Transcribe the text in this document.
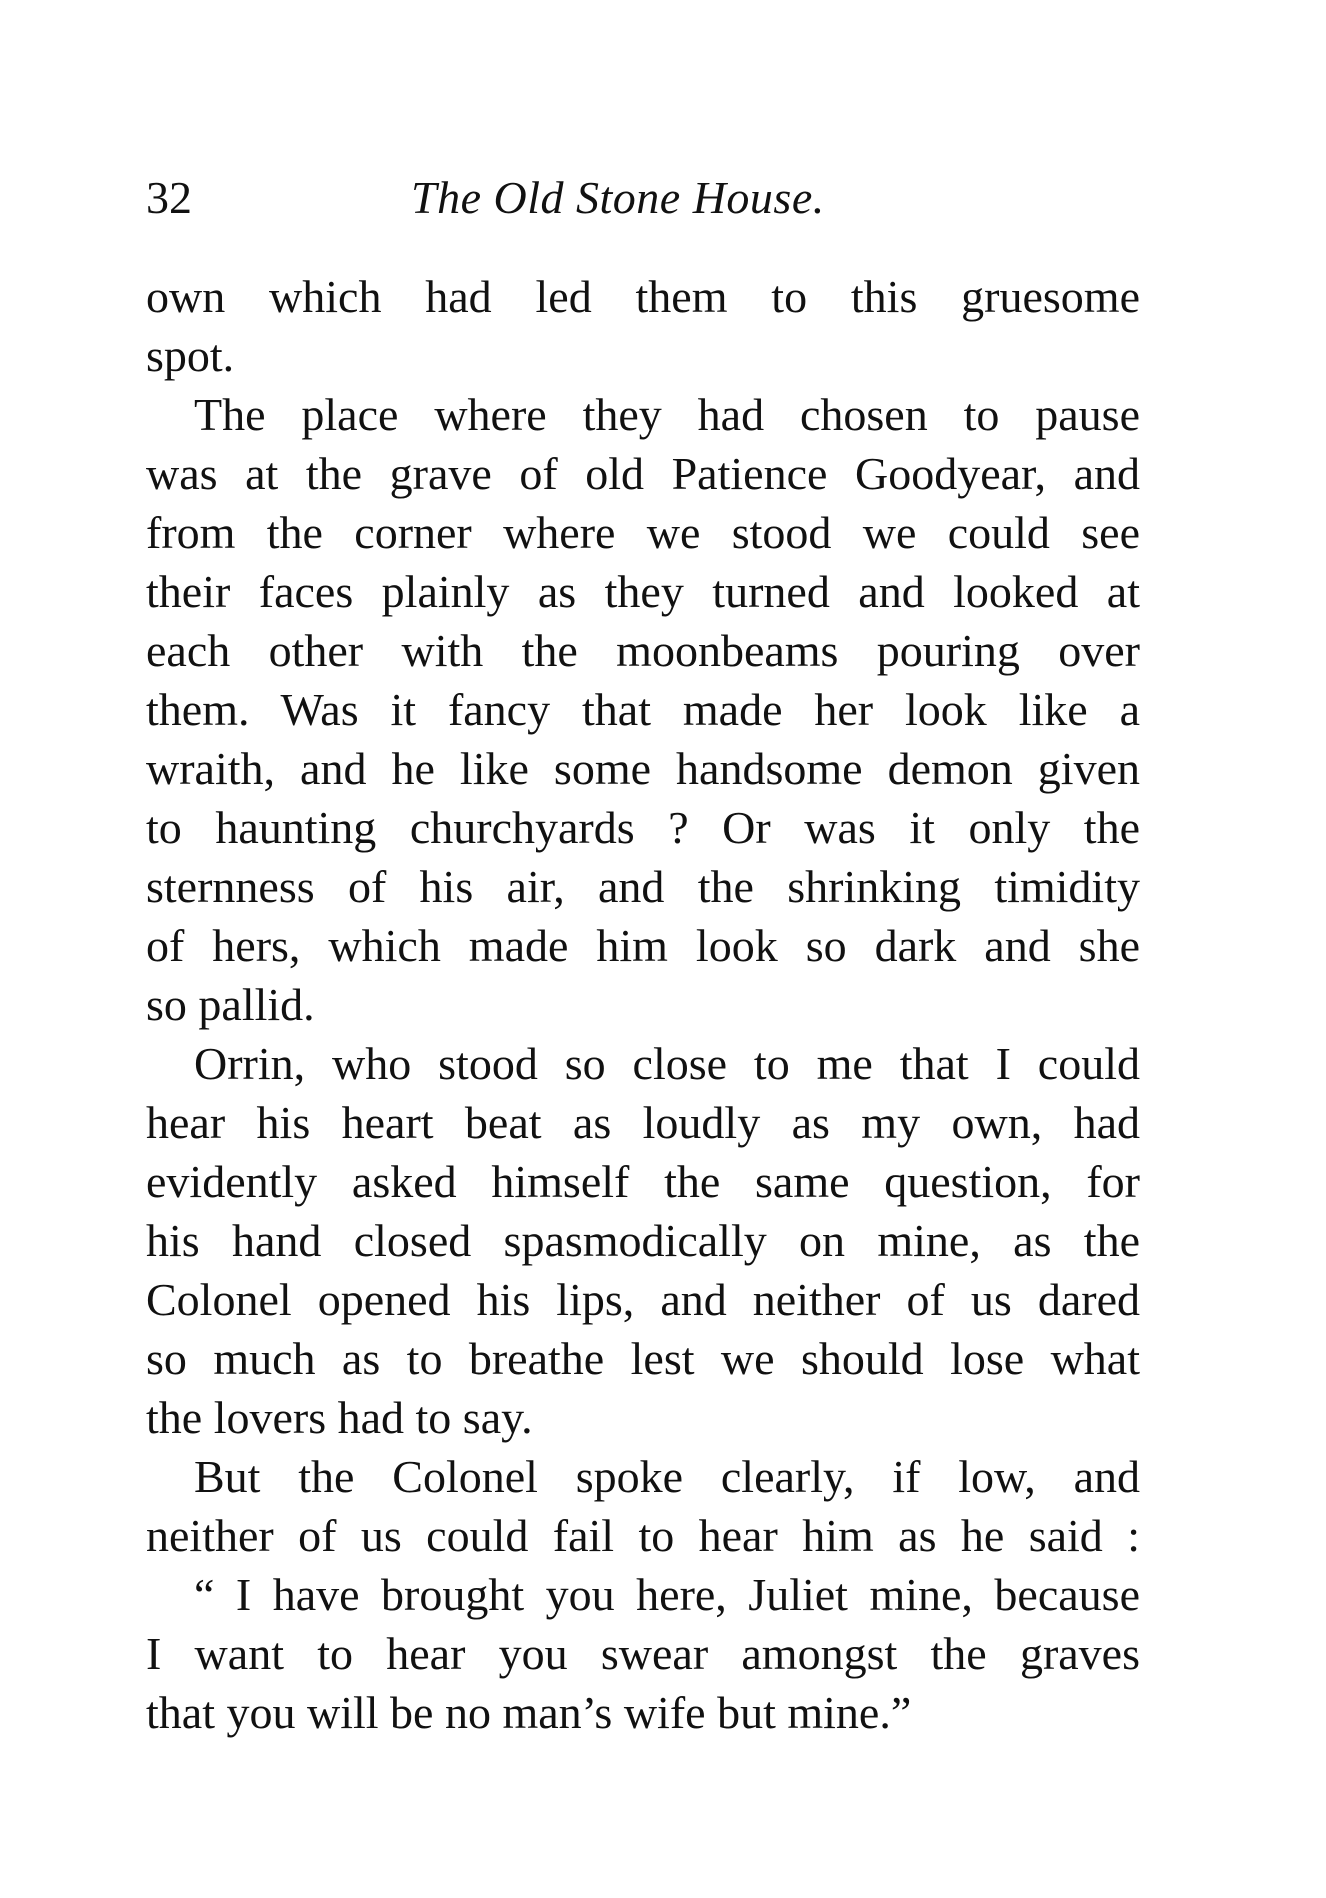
32	The Old Stone House.
own which had led them to this gruesome
spot.
The place where they had chosen to pause
was at the grave of old Patience Goodyear, and
from the corner where we stood we could see
their faces plainly as they turned and looked at
each other with the moonbeams pouring over
them. Was it fancy that made her look like a
wraith, and he like some handsome demon given
to haunting churchyards ? Or was it only the
sternness of his air, and the shrinking timidity
of hers, which made him look so dark and she
so pallid.
Orrin, who stood so close to me that I could
hear his heart beat as loudly as my own, had
evidently asked himself the same question, for
his hand closed spasmodically on mine, as the
Colonel opened his lips, and neither of us dared
so much as to breathe lest we should lose what
the lovers had to say.
But the Colonel spoke clearly, if low, and
neither of us could fail to hear him as he said :
“ I have brought you here, Juliet mine, because
I want to hear you swear amongst the graves
that you will be no man’s wife but mine.”
